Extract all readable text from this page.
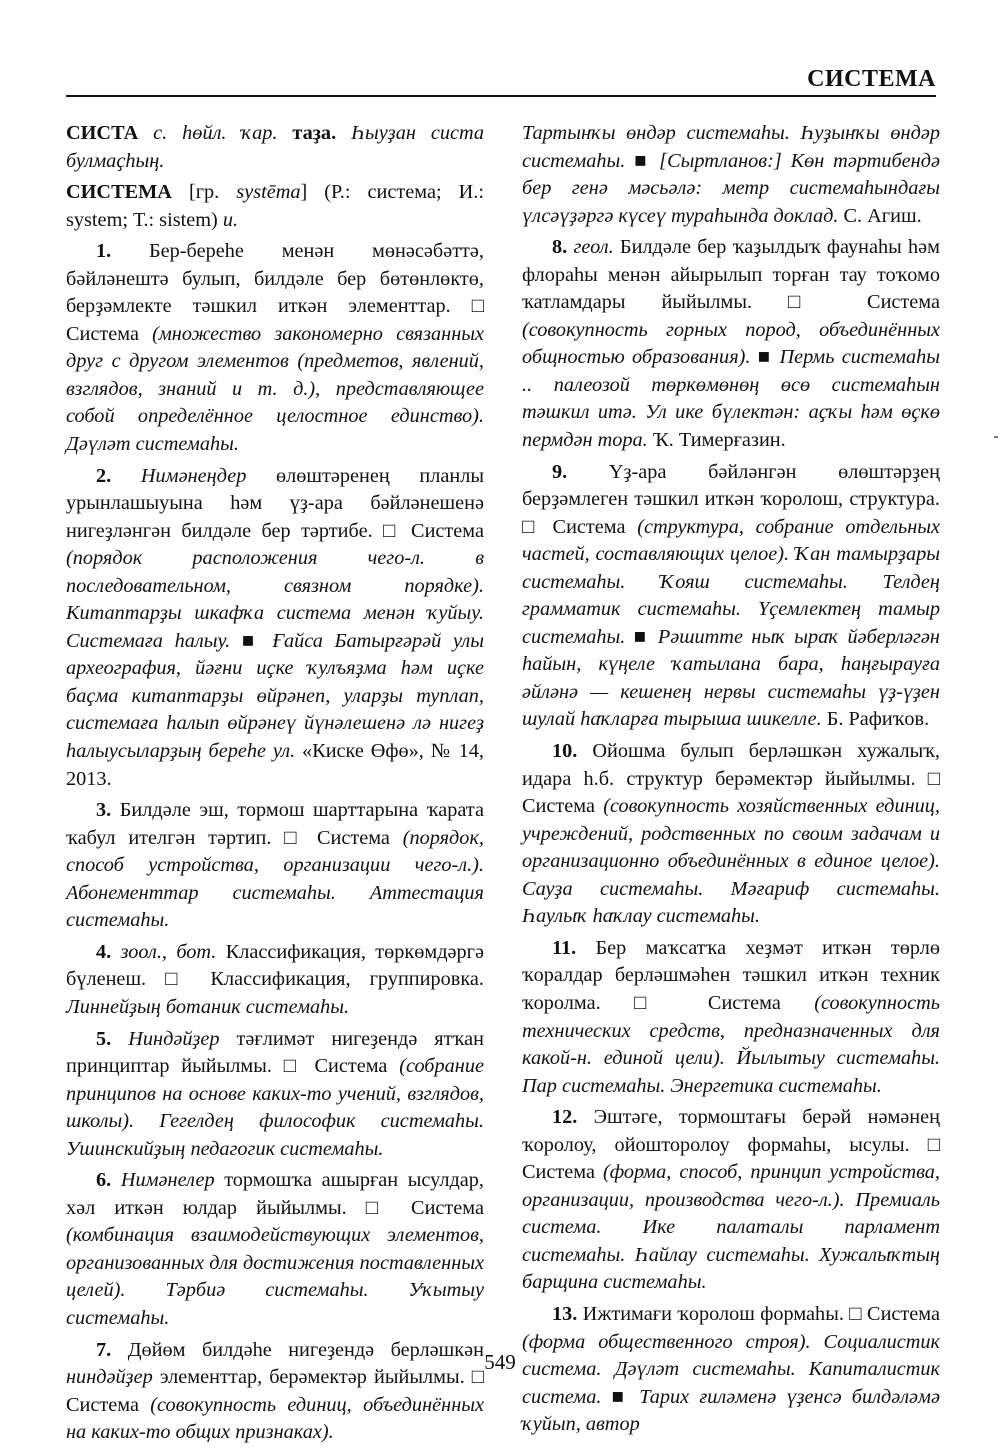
СИСТЕМА

СИСТА с. һөйл. ҡар. таҙа. Һыуҙан систа булмаҫһың.

СИСТЕМА [гр. systēma] (Р.: система; И.: system; Т.: sistem) и.

1. Бер-береһе менән мөнәсәбәттә, бәйләнештә булып, билдәле бер бөтөнлөктө, берҙәмлекте тәшкил иткән элементтар. □ Система (множество закономерно связанных друг с другом элементов (предметов, явлений, взглядов, знаний и т. д.), представляющее собой определённое целостное единство). Дәүләт системаһы.

2. Нимәнеңдер өлөштәренең планлы урынлашыуына һәм үҙ-ара бәйләнешенә нигеҙләнгән билдәле бер тәртибе. □ Система (порядок расположения чего-л. в последовательном, связном порядке). Китаптарҙы шкафҡа система менән ҡуйыу. Системаға һалыу. ■ Ғайса Батырғәрәй улы археография, йәғни иҫке ҡулъяҙма һәм иҫке баҫма китаптарҙы өйрәнеп, уларҙы туплап, системаға һалып өйрәнеү йүнәлешенә лә нигеҙ һалыусыларҙың береһе ул. «Киске Өфө», № 14, 2013.

3. Билдәле эш, тормош шарттарына ҡарата ҡабул ителгән тәртип. □ Система (порядок, способ устройства, организации чего-л.). Абонементтар системаһы. Аттестация системаһы.

4. зоол., бот. Классификация, төркөмдәргә бүленеш. □ Классификация, группировка. Линнейҙың ботаник системаһы.

5. Ниндәйҙер тәғлимәт нигеҙендә ятҡан принциптар йыйылмы. □ Система (собрание принципов на основе каких-то учений, взглядов, школы). Гегелдең философик системаһы. Ушинскийҙың педагогик системаһы.

6. Нимәнелер тормошҡа ашырған ысулдар, хәл иткән юлдар йыйылмы. □ Система (комбинация взаимодействующих элементов, организованных для достижения поставленных целей). Тәрбиә системаһы. Уҡытыу системаһы.

7. Дөйөм билдәһе нигеҙендә берләшкән ниндәйҙер элементтар, берәмектәр йыйылмы. □ Система (совокупность единиц, объединённых на каких-то общих признаках).

Тартынҡы өндәр системаһы. Һуҙынҡы өндәр системаһы. ■ [Сыртланов:] Көн тәртибендә бер генә мәсьәлә: метр системаһындағы үлсәүҙәргә күсеү тураһында доклад. С. Агиш.

8. геол. Билдәле бер ҡаҙылдыҡ фаунаһы һәм флораһы менән айырылып торған тау тоҡомо ҡатламдары йыйылмы. □ Система (совокупность горных пород, объединённых общностью образования). ■ Пермь системаһы .. палеозой төркөмөнөң өсө системаһын тәшкил итә. Ул ике бүлектән: аҫҡы һәм өҫкө пермдән тора. Ҡ. Тимерғазин.

9. Үҙ-ара бәйләнгән өлөштәрҙең берҙәмлеген тәшкил иткән ҡоролош, структура. □ Система (структура, собрание отдельных частей, составляющих целое). Ҡан тамырҙары системаһы. Ҡояш системаһы. Телдең грамматик системаһы. Үҫемлектең тамыр системаһы. ■ Рәшитте ныҡ ыраҡ йәберләгән һайын, күңеле ҡатылана бара, һаңғырауға әйләнә — кешенең нервы системаһы үҙ-үҙен шулай һаҡларға тырыша шикелле. Б. Рафиҡов.

10. Ойошма булып берләшкән хужалыҡ, идара һ.б. структур берәмектәр йыйылмы. □ Система (совокупность хозяйственных единиц, учреждений, родственных по своим задачам и организационно объединённых в единое целое). Сауҙа системаһы. Мәғариф системаһы. Һаулыҡ һаҡлау системаһы.

11. Бер маҡсатҡа хеҙмәт иткән төрлө ҡоралдар берләшмәһен тәшкил иткән техник ҡоролма. □ Система (совокупность технических средств, предназначенных для какой-н. единой цели). Йылытыу системаһы. Пар системаһы. Энергетика системаһы.

12. Эштәге, тормоштағы берәй нәмәнең ҡоролоу, ойошторолоу формаһы, ысулы. □ Система (форма, способ, принцип устройства, организации, производства чего-л.). Премиаль система. Ике палаталы парламент системаһы. Һайлау системаһы. Хужалыҡтың барщина системаһы.

13. Ижтимағи ҡоролош формаһы. □ Система (форма общественного строя). Социалистик система. Дәүләт системаһы. Капиталистик система. ■ Тарих ғиләменә үҙенсә билдәләмә ҡуйып, автор

549
